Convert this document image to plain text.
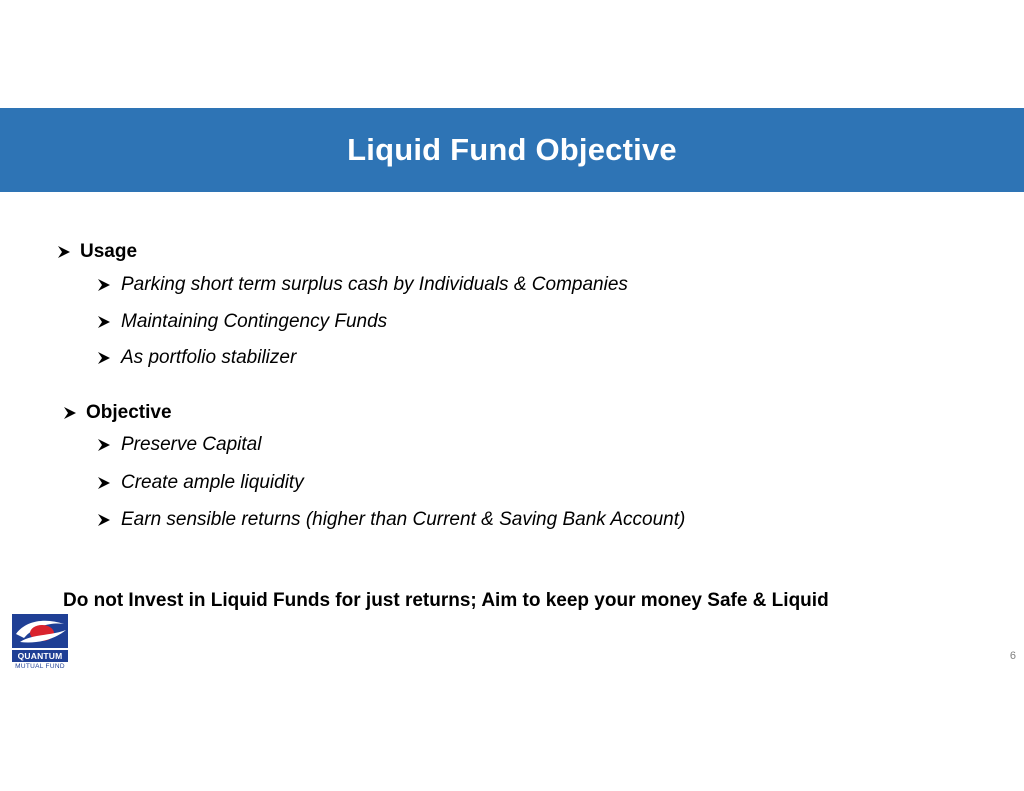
Liquid Fund Objective
Usage
Parking short term surplus cash by Individuals & Companies
Maintaining Contingency Funds
As portfolio stabilizer
Objective
Preserve Capital
Create ample liquidity
Earn sensible returns (higher than Current & Saving Bank Account)
Do not Invest in Liquid Funds for just returns; Aim to keep your money Safe & Liquid
QUANTUM
MUTUAL FUND
6
